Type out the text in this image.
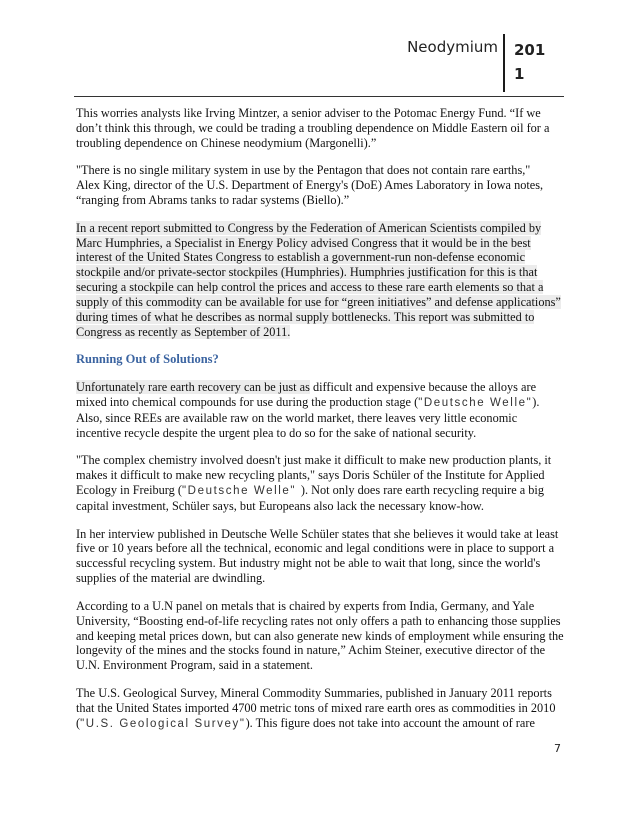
Neodymium 201
1

This worries analysts like Irving Mintzer, a senior adviser to the Potomac Energy Fund. “If we don’t think this through, we could be trading a troubling dependence on Middle Eastern oil for a troubling dependence on Chinese neodymium (Margonelli).”

"There is no single military system in use by the Pentagon that does not contain rare earths,"
Alex King, director of the U.S. Department of Energy's (DoE) Ames Laboratory in Iowa notes, “ranging from Abrams tanks to radar systems (Biello).”

In a recent report submitted to Congress by the Federation of American Scientists compiled by Marc Humphries, a Specialist in Energy Policy advised Congress that it would be in the best interest of the United States Congress to establish a government-run non-defense economic stockpile and/or private-sector stockpiles (Humphries). Humphries justification for this is that securing a stockpile can help control the prices and access to these rare earth elements so that a supply of this commodity can be available for use for “green initiatives” and defense applications” during times of what he describes as normal supply bottlenecks. This report was submitted to Congress as recently as September of 2011.

Running Out of Solutions?

Unfortunately rare earth recovery can be just as difficult and expensive because the alloys are mixed into chemical compounds for use during the production stage ("Deutsche Welle"). Also, since REEs are available raw on the world market, there leaves very little economic incentive recycle despite the urgent plea to do so for the sake of national security.

"The complex chemistry involved doesn't just make it difficult to make new production plants, it makes it difficult to make new recycling plants," says Doris Schüler of the Institute for Applied Ecology in Freiburg ("Deutsche Welle" ). Not only does rare earth recycling require a big capital investment, Schüler says, but Europeans also lack the necessary know-how.

In her interview published in Deutsche Welle Schüler states that she believes it would take at least five or 10 years before all the technical, economic and legal conditions were in place to support a successful recycling system. But industry might not be able to wait that long, since the world's supplies of the material are dwindling.

According to a U.N panel on metals that is chaired by experts from India, Germany, and Yale University, “Boosting end-of-life recycling rates not only offers a path to enhancing those supplies and keeping metal prices down, but can also generate new kinds of employment while ensuring the longevity of the mines and the stocks found in nature,” Achim Steiner, executive director of the U.N. Environment Program, said in a statement.

The U.S. Geological Survey, Mineral Commodity Summaries, published in January 2011 reports that the United States imported 4700 metric tons of mixed rare earth ores as commodities in 2010 ("U.S. Geological Survey"). This figure does not take into account the amount of rare

7
